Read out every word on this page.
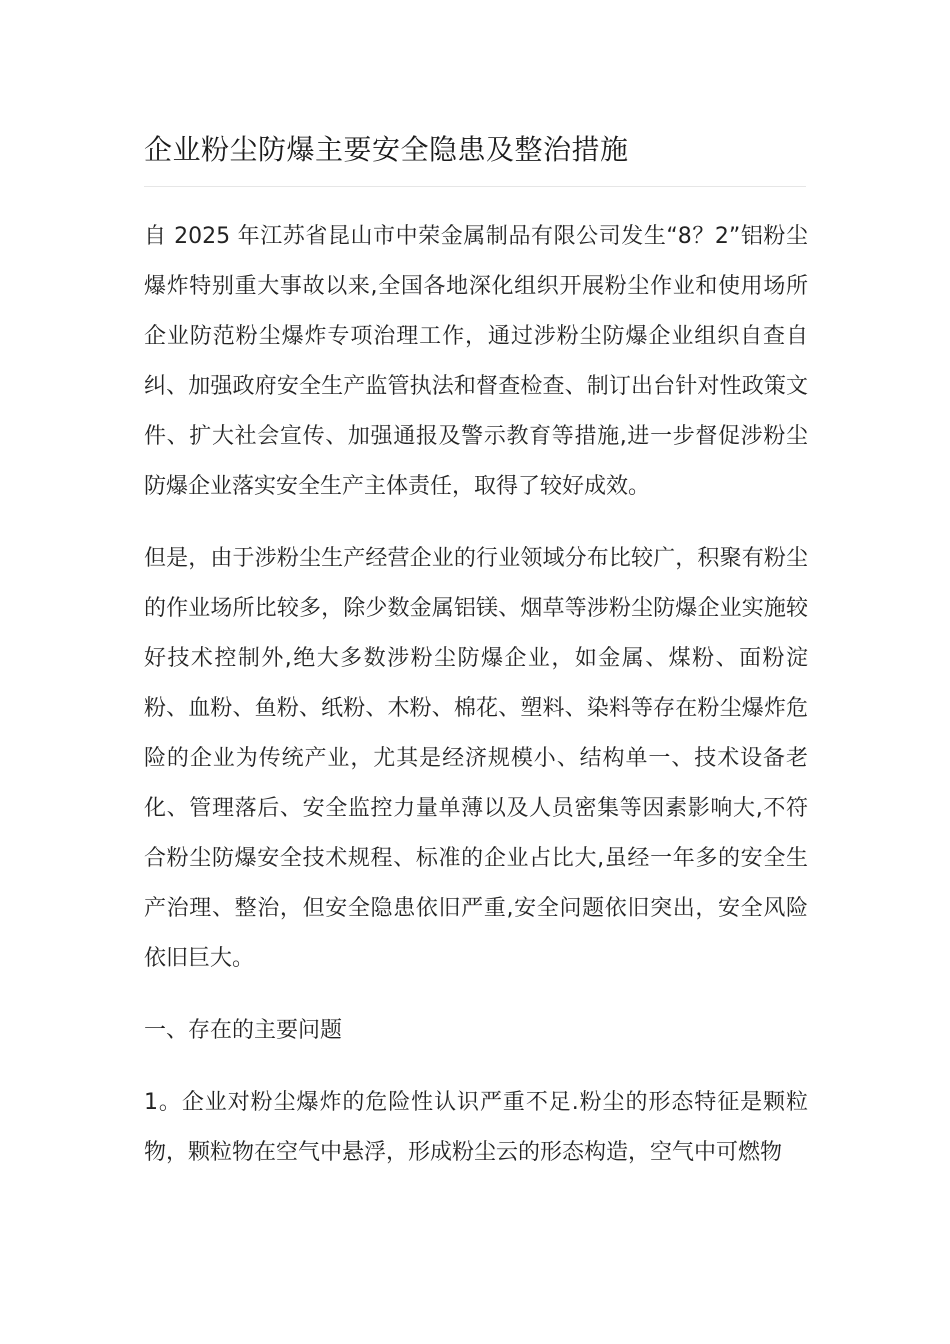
企业粉尘防爆主要安全隐患及整治措施

自 2025 年江苏省昆山市中荣金属制品有限公司发生“8？2”铝粉尘爆炸特别重大事故以来,全国各地深化组织开展粉尘作业和使用场所企业防范粉尘爆炸专项治理工作，通过涉粉尘防爆企业组织自查自纠、加强政府安全生产监管执法和督查检查、制订出台针对性政策文件、扩大社会宣传、加强通报及警示教育等措施,进一步督促涉粉尘防爆企业落实安全生产主体责任，取得了较好成效。

但是，由于涉粉尘生产经营企业的行业领域分布比较广，积聚有粉尘的作业场所比较多，除少数金属铝镁、烟草等涉粉尘防爆企业实施较好技术控制外,绝大多数涉粉尘防爆企业，如金属、煤粉、面粉淀粉、血粉、鱼粉、纸粉、木粉、棉花、塑料、染料等存在粉尘爆炸危险的企业为传统产业，尤其是经济规模小、结构单一、技术设备老化、管理落后、安全监控力量单薄以及人员密集等因素影响大,不符合粉尘防爆安全技术规程、标准的企业占比大,虽经一年多的安全生产治理、整治，但安全隐患依旧严重,安全问题依旧突出，安全风险依旧巨大。

一、存在的主要问题

1。企业对粉尘爆炸的危险性认识严重不足.粉尘的形态特征是颗粒物，颗粒物在空气中悬浮，形成粉尘云的形态构造，空气中可燃物
